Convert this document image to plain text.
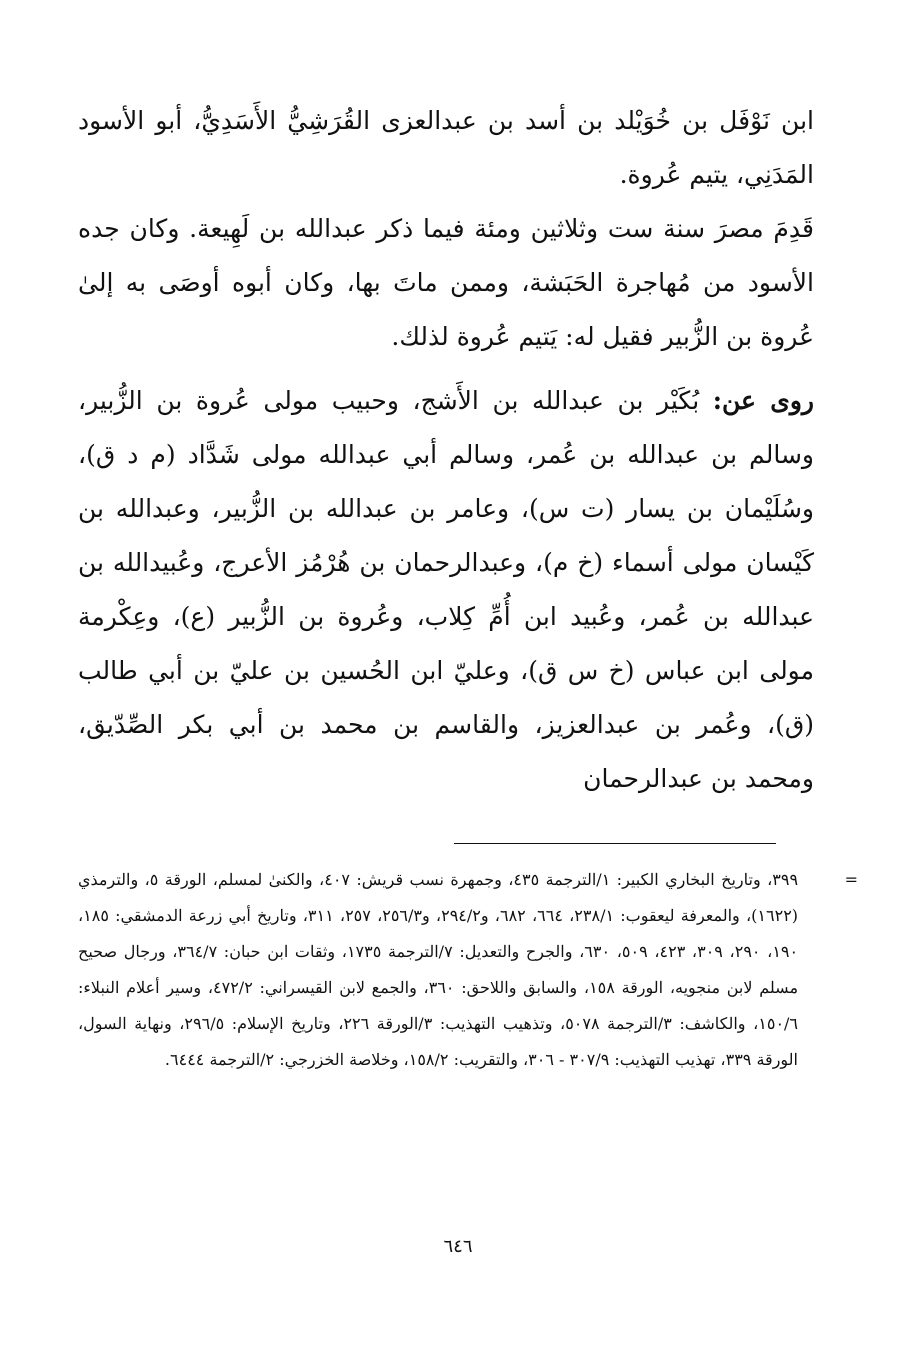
ابن نَوْفَل بن خُوَيْلد بن أسد بن عبدالعزى القُرَشِيُّ الأَسَدِيُّ، أبو الأسود المَدَنِي، يتيم عُروة.

قَدِمَ مصرَ سنة ست وثلاثين ومئة فيما ذكر عبدالله بن لَهِيعة. وكان جده الأسود من مُهاجرة الحَبَشة، وممن ماتَ بها، وكان أبوه أوصَى به إلىٰ عُروة بن الزُّبير فقيل له: يَتيم عُروة لذلك.

روى عن: بُكَيْر بن عبدالله بن الأَشج، وحبيب مولى عُروة بن الزُّبير، وسالم بن عبدالله بن عُمر، وسالم أبي عبدالله مولى شَدَّاد (م د ق)، وسُلَيْمان بن يسار (ت س)، وعامر بن عبدالله بن الزُّبير، وعبدالله بن كَيْسان مولى أسماء (خ م)، وعبدالرحمان بن هُرْمُز الأعرج، وعُبيدالله بن عبدالله بن عُمر، وعُبيد ابن أُمِّ كِلاب، وعُروة بن الزُّبير (ع)، وعِكْرمة مولى ابن عباس (خ س ق)، وعليّ ابن الحُسين بن عليّ بن أبي طالب (ق)، وعُمر بن عبدالعزيز، والقاسم بن محمد بن أبي بكر الصِّدّيق، ومحمد بن عبدالرحمان

=
٣٩٩، وتاريخ البخاري الكبير: ١/الترجمة ٤٣٥، وجمهرة نسب قريش: ٤٠٧، والكنىٰ لمسلم، الورقة ٥، والترمذي (١٦٢٢)، والمعرفة ليعقوب: ٢٣٨/١، ٦٦٤، ٦٨٢، و٢٩٤/٢، و٢٥٦/٣، ٢٥٧، ٣١١، وتاريخ أبي زرعة الدمشقي: ١٨٥، ١٩٠، ٢٩٠، ٣٠٩، ٤٢٣، ٥٠٩، ٦٣٠، والجرح والتعديل: ٧/الترجمة ١٧٣٥، وثقات ابن حبان: ٣٦٤/٧، ورجال صحيح مسلم لابن منجويه، الورقة ١٥٨، والسابق واللاحق: ٣٦٠، والجمع لابن القيسراني: ٤٧٢/٢، وسير أعلام النبلاء: ١٥٠/٦، والكاشف: ٣/الترجمة ٥٠٧٨، وتذهيب التهذيب: ٣/الورقة ٢٢٦، وتاريخ الإسلام: ٢٩٦/٥، ونهاية السول، الورقة ٣٣٩، تهذيب التهذيب: ٣٠٧/٩ - ٣٠٦، والتقريب: ١٥٨/٢، وخلاصة الخزرجي: ٢/الترجمة ٦٤٤٤.
٦٤٦
